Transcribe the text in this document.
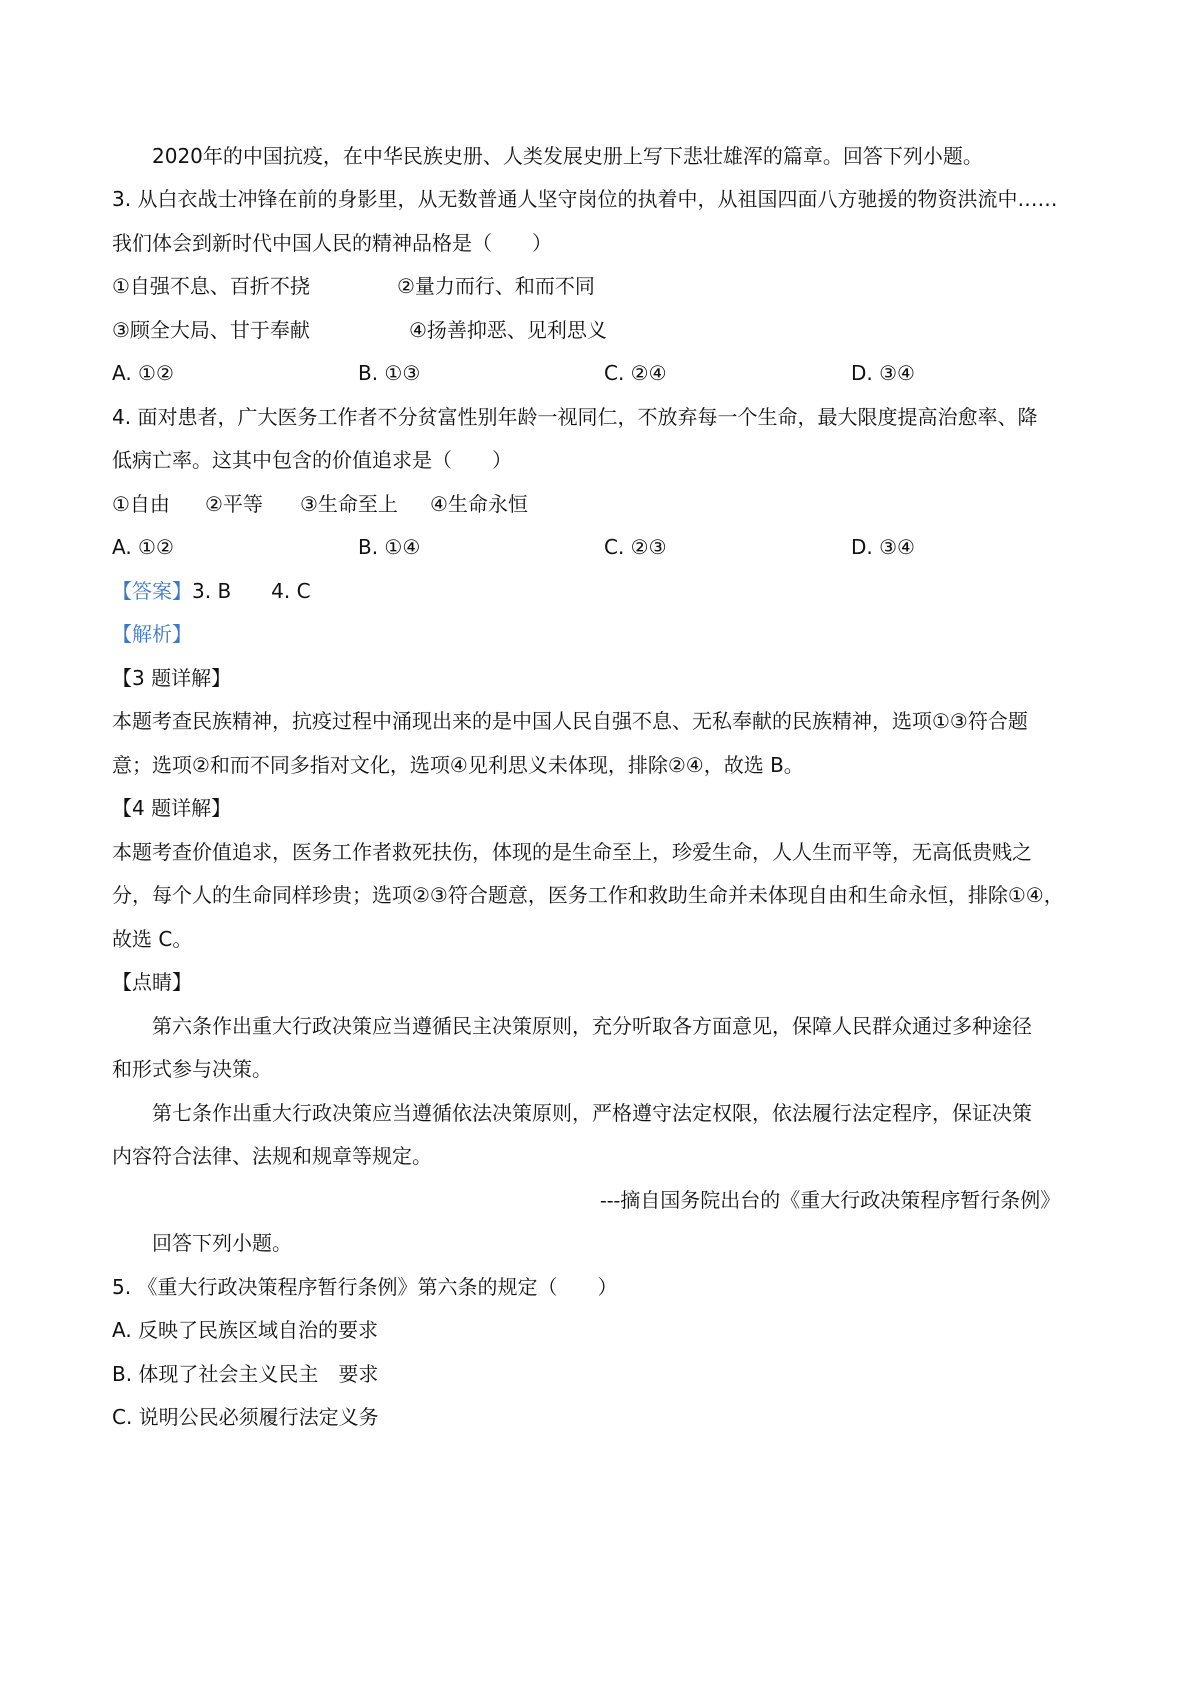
2020年的中国抗疫，在中华民族史册、人类发展史册上写下悲壮雄浑的篇章。回答下列小题。
3. 从白衣战士冲锋在前的身影里，从无数普通人坚守岗位的执着中，从祖国四面八方驰援的物资洪流中……
我们体会到新时代中国人民的精神品格是（　　）
①自强不息、百折不挠	②量力而行、和而不同
③顾全大局、甘于奉献	④扬善抑恶、见利思义
A. ①②	B. ①③	C. ②④	D. ③④
4. 面对患者，广大医务工作者不分贫富性别年龄一视同仁，不放弃每一个生命，最大限度提高治愈率、降
低病亡率。这其中包含的价值追求是（　　）
①自由 ②平等 ③生命至上 ④生命永恒
A. ①②	B. ①④	C. ②③	D. ③④
【答案】3. B　　4. C
【解析】
【3 题详解】
本题考查民族精神，抗疫过程中涌现出来的是中国人民自强不息、无私奉献的民族精神，选项①③符合题
意；选项②和而不同多指对文化，选项④见利思义未体现，排除②④，故选 B。
【4 题详解】
本题考查价值追求，医务工作者救死扶伤，体现的是生命至上，珍爱生命，人人生而平等，无高低贵贱之
分，每个人的生命同样珍贵；选项②③符合题意，医务工作和救助生命并未体现自由和生命永恒，排除①④，
故选 C。
【点睛】
第六条作出重大行政决策应当遵循民主决策原则，充分听取各方面意见，保障人民群众通过多种途径
和形式参与决策。
第七条作出重大行政决策应当遵循依法决策原则，严格遵守法定权限，依法履行法定程序，保证决策
内容符合法律、法规和规章等规定。
---摘自国务院出台的《重大行政决策程序暂行条例》
回答下列小题。
5. 《重大行政决策程序暂行条例》第六条的规定（　　）
A. 反映了民族区域自治的要求
B. 体现了社会主义民主　要求
C. 说明公民必须履行法定义务
